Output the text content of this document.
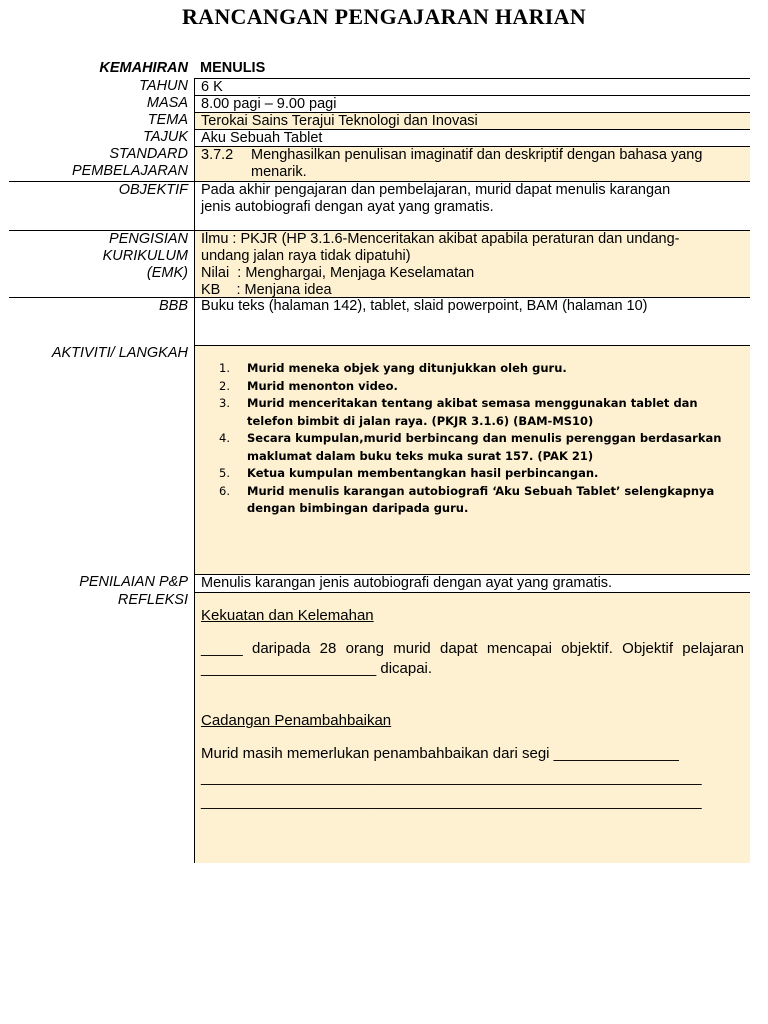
RANCANGAN PENGAJARAN HARIAN
KEMAHIRAN MENULIS
TAHUN 6 K
MASA 8.00 pagi – 9.00 pagi
TEMA Terokai Sains Terajui Teknologi dan Inovasi
TAJUK Aku Sebuah Tablet
STANDARD
PEMBELAJARAN
3.7.2	Menghasilkan penulisan imaginatif dan deskriptif dengan bahasa yang
menarik.
OBJEKTIF Pada akhir pengajaran dan pembelajaran, murid dapat menulis karangan
jenis autobiografi dengan ayat yang gramatis.
PENGISIAN
KURIKULUM
(EMK)
Ilmu : PKJR (HP 3.1.6-Menceritakan akibat apabila peraturan dan undang-
undang jalan raya tidak dipatuhi)
Nilai  : Menghargai, Menjaga Keselamatan
KB    : Menjana idea
BBB Buku teks (halaman 142), tablet, slaid powerpoint, BAM (halaman 10)
AKTIVITI/ LANGKAH
1.	Murid meneka objek yang ditunjukkan oleh guru.
2.	Murid menonton video.
3.	Murid menceritakan tentang akibat semasa menggunakan tablet dan telefon bimbit di jalan raya. (PKJR 3.1.6) (BAM-MS10)
4.	Secara kumpulan,murid berbincang dan menulis perenggan berdasarkan maklumat dalam buku teks muka surat 157. (PAK 21)
5.	Ketua kumpulan membentangkan hasil perbincangan.
6.	Murid menulis karangan autobiografi ‘Aku Sebuah Tablet’ selengkapnya dengan bimbingan daripada guru.
PENILAIAN P&P Menulis karangan jenis autobiografi dengan ayat yang gramatis.
REFLEKSI
Kekuatan dan Kelemahan
_____ daripada 28 orang murid dapat mencapai objektif. Objektif pelajaran
_____________________ dicapai.
Cadangan Penambahbaikan
Murid masih memerlukan penambahbaikan dari segi _______________
____________________________________________________________
____________________________________________________________
